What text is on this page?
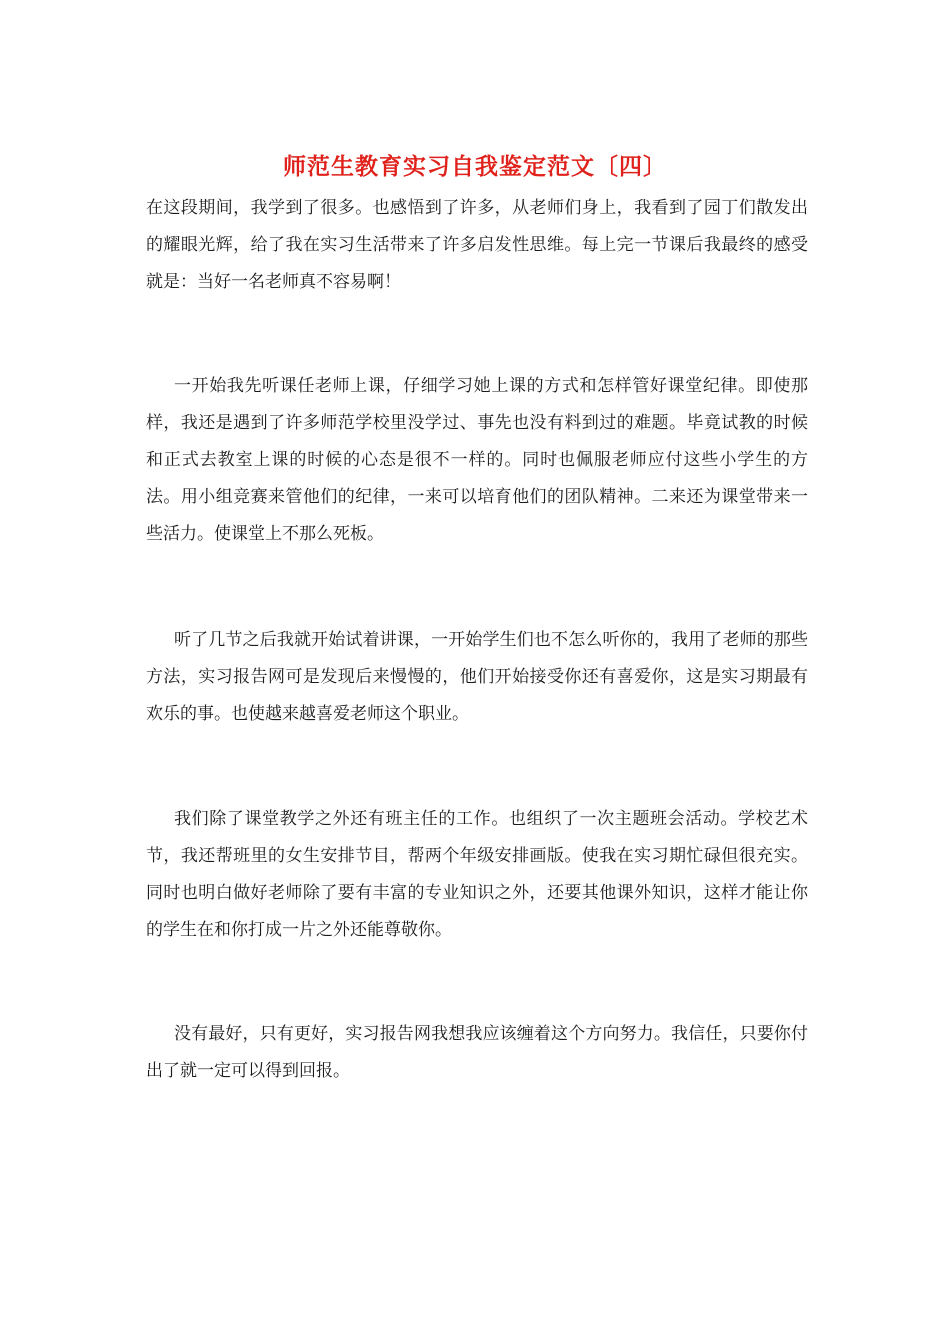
师范生教育实习自我鉴定范文〔四〕

在这段期间，我学到了很多。也感悟到了许多，从老师们身上，我看到了园丁们散发出的耀眼光辉，给了我在实习生活带来了许多启发性思维。每上完一节课后我最终的感受就是：当好一名老师真不容易啊！

一开始我先听课任老师上课，仔细学习她上课的方式和怎样管好课堂纪律。即使那样，我还是遇到了许多师范学校里没学过、事先也没有料到过的难题。毕竟试教的时候和正式去教室上课的时候的心态是很不一样的。同时也佩服老师应付这些小学生的方法。用小组竞赛来管他们的纪律，一来可以培育他们的团队精神。二来还为课堂带来一些活力。使课堂上不那么死板。

听了几节之后我就开始试着讲课，一开始学生们也不怎么听你的，我用了老师的那些方法，实习报告网可是发现后来慢慢的，他们开始接受你还有喜爱你，这是实习期最有欢乐的事。也使越来越喜爱老师这个职业。

我们除了课堂教学之外还有班主任的工作。也组织了一次主题班会活动。学校艺术节，我还帮班里的女生安排节目，帮两个年级安排画版。使我在实习期忙碌但很充实。同时也明白做好老师除了要有丰富的专业知识之外，还要其他课外知识，这样才能让你的学生在和你打成一片之外还能尊敬你。

没有最好，只有更好，实习报告网我想我应该缠着这个方向努力。我信任，只要你付出了就一定可以得到回报。
